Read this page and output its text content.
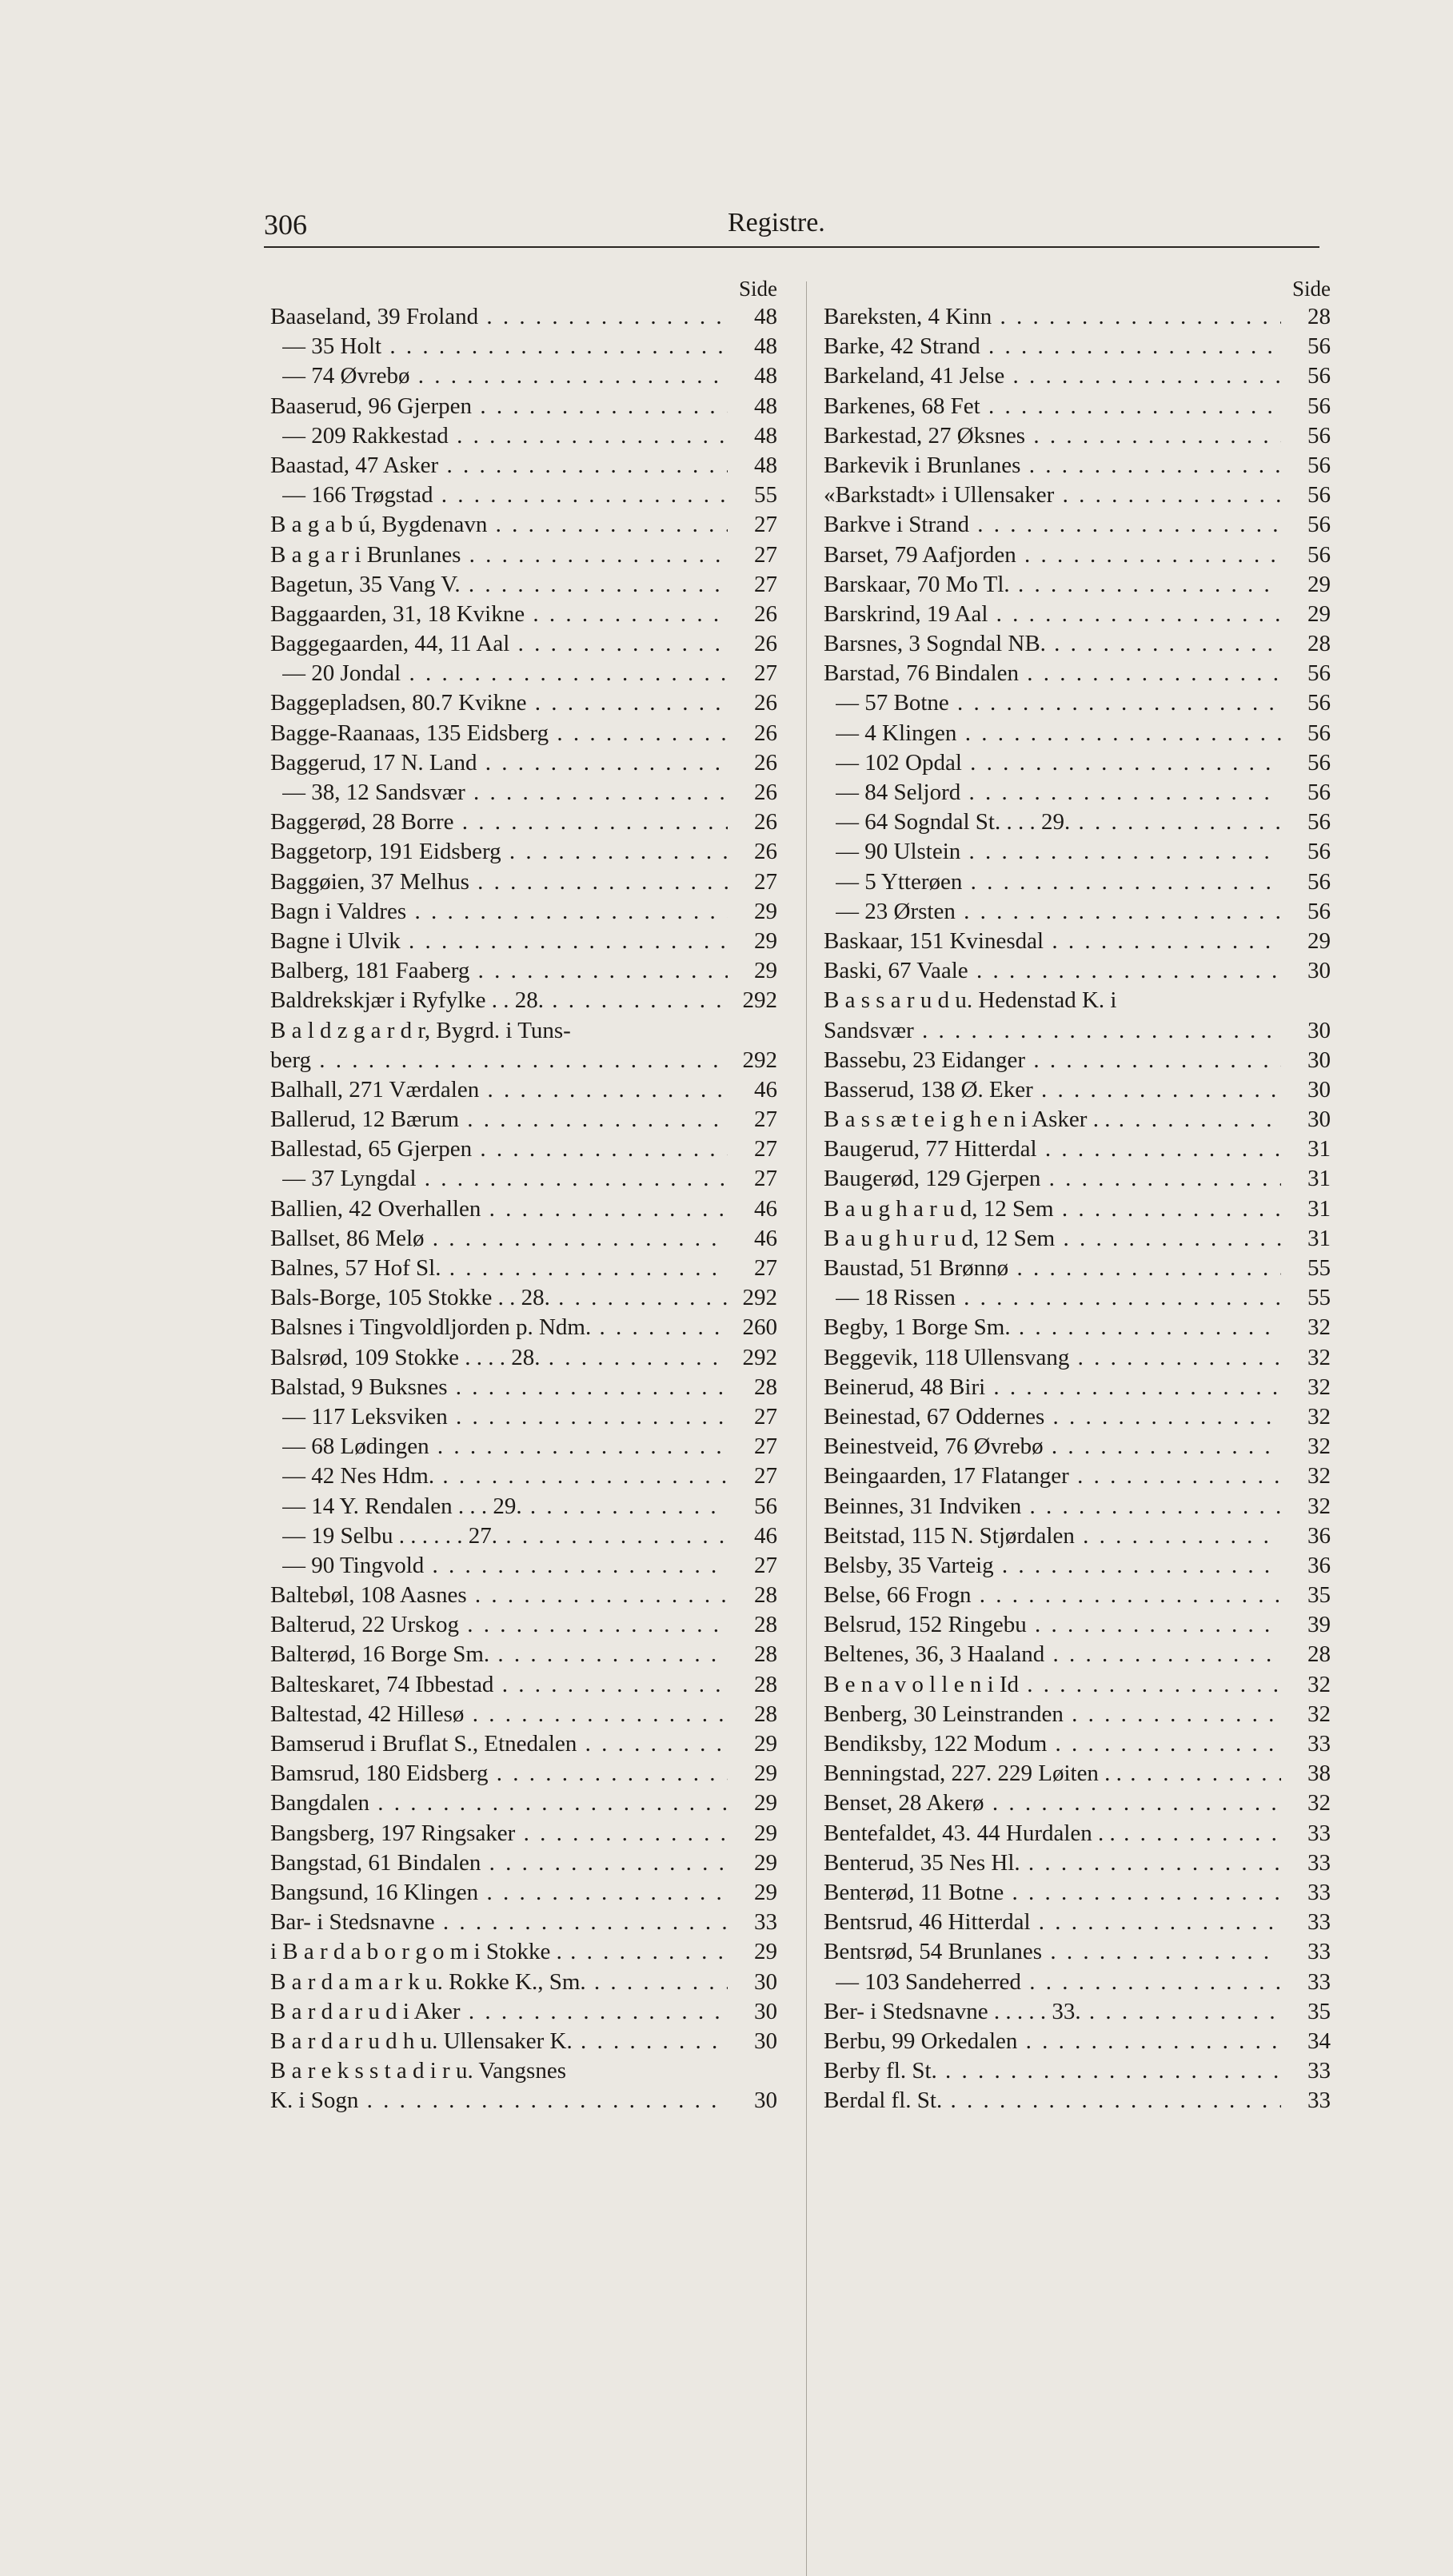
306	Registre.
Side
Baaseland, 39 Froland . . .	48
— 35 Holt . . .	48
— 74 Øvrebø . . .	48
Baaserud, 96 Gjerpen . . .	48
— 209 Rakkestad . . .	48
Baastad, 47 Asker . . .	48
— 166 Trøgstad . . .	55
B a g a b ú, Bygdenavn . . .	27
B a g a r i Brunlanes . . .	27
Bagetun, 35 Vang V. . . .	27
Baggaarden, 31, 18 Kvikne . . .	26
Baggegaarden, 44, 11 Aal . . .	26
— 20 Jondal . . .	27
Baggepladsen, 80.7 Kvikne . . .	26
Bagge-Raanaas, 135 Eidsberg . . .	26
Baggerud, 17 N. Land . . .	26
— 38, 12 Sandsvær . . .	26
Baggerød, 28 Borre . . .	26
Baggetorp, 191 Eidsberg . . .	26
Baggøien, 37 Melhus . . .	27
Bagn i Valdres . . .	29
Bagne i Ulvik . . .	29
Balberg, 181 Faaberg . . .	29
Baldrekskjær i Ryfylke . . 28. . . .	292
B a l d z g a r d r, Bygrd. i Tuns-
berg . . .	292
Balhall, 271 Værdalen . . .	46
Ballerud, 12 Bærum . . .	27
Ballestad, 65 Gjerpen . . .	27
— 37 Lyngdal . . .	27
Ballien, 42 Overhallen . . .	46
Ballset, 86 Melø . . .	46
Balnes, 57 Hof Sl. . . .	27
Bals-Borge, 105 Stokke . . 28. . . .	292
Balsnes i Tingvoldljorden p. Ndm. . . .	260
Balsrød, 109 Stokke . . . . 28. . . .	292
Balstad, 9 Buksnes . . .	28
— 117 Leksviken . . .	27
— 68 Lødingen . . .	27
— 42 Nes Hdm. . . .	27
— 14 Y. Rendalen . . . 29. . . .	56
— 19 Selbu . . . . . . 27. . . .	46
— 90 Tingvold . . .	27
Baltebøl, 108 Aasnes . . .	28
Balterud, 22 Urskog . . .	28
Balterød, 16 Borge Sm. . . .	28
Balteskaret, 74 Ibbestad . . .	28
Baltestad, 42 Hillesø . . .	28
Bamserud i Bruflat S., Etnedalen . . .	29
Bamsrud, 180 Eidsberg . . .	29
Bangdalen . . .	29
Bangsberg, 197 Ringsaker . . .	29
Bangstad, 61 Bindalen . . .	29
Bangsund, 16 Klingen . . .	29
Bar- i Stedsnavne . . .	33
i B a r d a b o r g o m i Stokke . . . .	29
B a r d a m a r k u. Rokke K., Sm. . . .	30
B a r d a r u d i Aker . . .	30
B a r d a r u d h u. Ullensaker K. . . .	30
B a r e k s s t a d i r u. Vangsnes
K. i Sogn . . .	30
Side
Bareksten, 4 Kinn . . .	28
Barke, 42 Strand . . .	56
Barkeland, 41 Jelse . . .	56
Barkenes, 68 Fet . . .	56
Barkestad, 27 Øksnes . . .	56
Barkevik i Brunlanes . . .	56
«Barkstadt» i Ullensaker . . .	56
Barkve i Strand . . .	56
Barset, 79 Aafjorden . . .	56
Barskaar, 70 Mo Tl. . . .	29
Barskrind, 19 Aal . . .	29
Barsnes, 3 Sogndal NB. . . .	28
Barstad, 76 Bindalen . . .	56
— 57 Botne . . .	56
— 4 Klingen . . .	56
— 102 Opdal . . .	56
— 84 Seljord . . .	56
— 64 Sogndal St. . . . 29. . . .	56
— 90 Ulstein . . .	56
— 5 Ytterøen . . .	56
— 23 Ørsten . . .	56
Baskaar, 151 Kvinesdal . . .	29
Baski, 67 Vaale . . .	30
B a s s a r u d u. Hedenstad K. i
Sandsvær . . .	30
Bassebu, 23 Eidanger . . .	30
Basserud, 138 Ø. Eker . . .	30
B a s s æ t e i g h e n i Asker . . . . .	30
Baugerud, 77 Hitterdal . . .	31
Baugerød, 129 Gjerpen . . .	31
B a u g h a r u d, 12 Sem . . .	31
B a u g h u r u d, 12 Sem . . .	31
Baustad, 51 Brønnø . . .	55
— 18 Rissen . . .	55
Begby, 1 Borge Sm. . . .	32
Beggevik, 118 Ullensvang . . .	32
Beinerud, 48 Biri . . .	32
Beinestad, 67 Oddernes . . .	32
Beinestveid, 76 Øvrebø . . .	32
Beingaarden, 17 Flatanger . . .	32
Beinnes, 31 Indviken . . .	32
Beitstad, 115 N. Stjørdalen . . .	36
Belsby, 35 Varteig . . .	36
Belse, 66 Frogn . . .	35
Belsrud, 152 Ringebu . . .	39
Beltenes, 36, 3 Haaland . . .	28
B e n a v o l l e n i Id . . .	32
Benberg, 30 Leinstranden . . .	32
Bendiksby, 122 Modum . . .	33
Benningstad, 227. 229 Løiten . . . . .	38
Benset, 28 Akerø . . .	32
Bentefaldet, 43. 44 Hurdalen . . . . .	33
Benterud, 35 Nes Hl. . . .	33
Benterød, 11 Botne . . .	33
Bentsrud, 46 Hitterdal . . .	33
Bentsrød, 54 Brunlanes . . .	33
— 103 Sandeherred . . .	33
Ber- i Stedsnavne . . . . . 33. . . .	35
Berbu, 99 Orkedalen . . .	34
Berby fl. St. . . .	33
Berdal fl. St. . . .	33
